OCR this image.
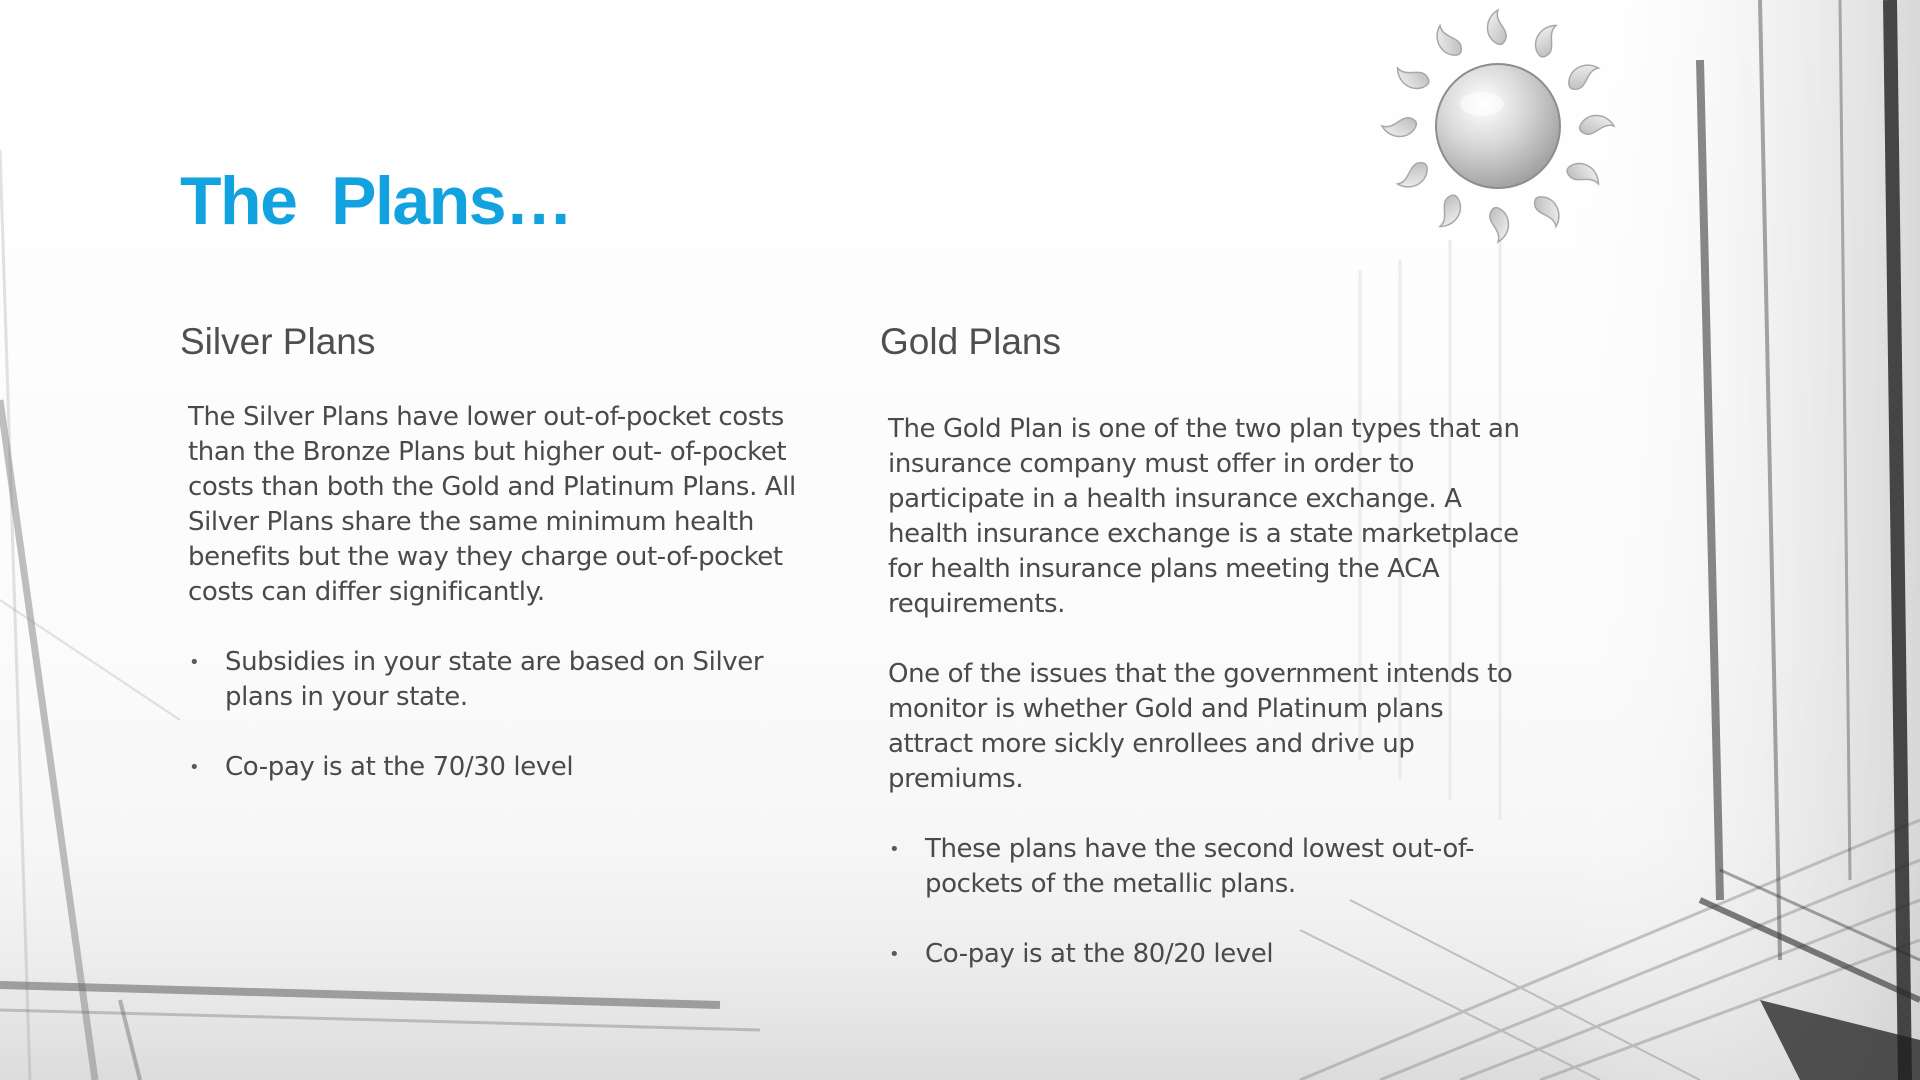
The  Plans…
Silver Plans

The Silver Plans have lower out-of-pocket costs than the Bronze Plans but higher out- of-pocket costs than both the Gold and Platinum Plans. All Silver Plans share the same minimum health benefits but the way they charge out-of-pocket costs can differ significantly.

• Subsidies in your state are based on Silver plans in your state.
• Co-pay is at the 70/30 level
Gold Plans

The Gold Plan is one of the two plan types that an insurance company must offer in order to participate in a health insurance exchange. A health insurance exchange is a state marketplace for health insurance plans meeting the ACA requirements.

One of the issues that the government intends to monitor is whether Gold and Platinum plans attract more sickly enrollees and drive up premiums.

• These plans have the second lowest out-of-pockets of the metallic plans.
• Co-pay is at the 80/20 level
